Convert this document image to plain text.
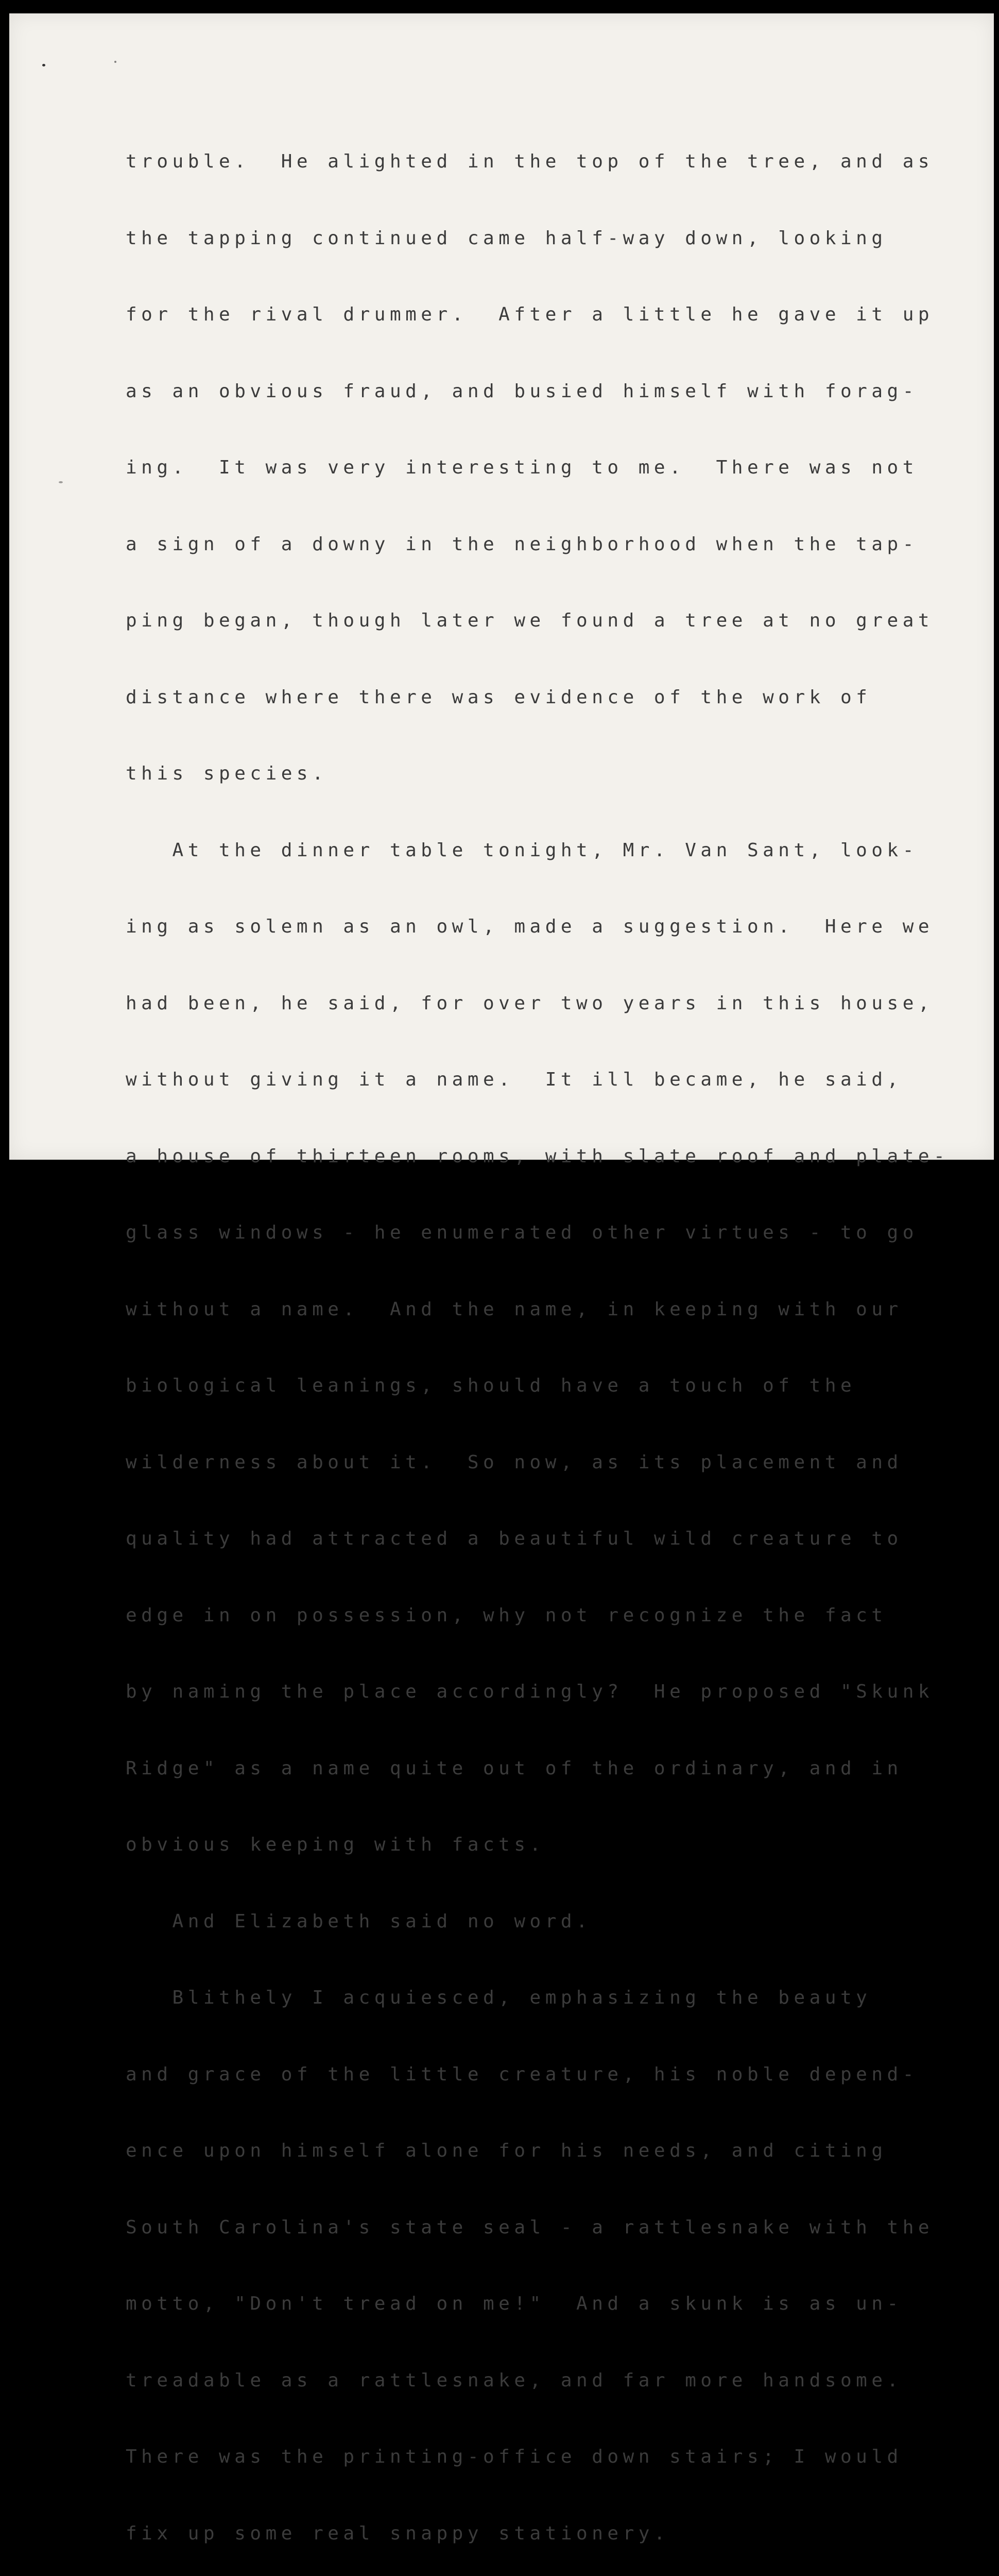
trouble.  He alighted in the top of the tree, and as

the tapping continued came half-way down, looking

for the rival drummer.  After a little he gave it up

as an obvious fraud, and busied himself with forag-

ing.  It was very interesting to me.  There was not

a sign of a downy in the neighborhood when the tap-

ping began, though later we found a tree at no great

distance where there was evidence of the work of

this species.

At the dinner table tonight, Mr. Van Sant, look-

ing as solemn as an owl, made a suggestion.  Here we

had been, he said, for over two years in this house,

without giving it a name.  It ill became, he said,

a house of thirteen rooms, with slate roof and plate-

glass windows - he enumerated other virtues - to go

without a name.  And the name, in keeping with our

biological leanings, should have a touch of the

wilderness about it.  So now, as its placement and

quality had attracted a beautiful wild creature to

edge in on possession, why not recognize the fact

by naming the place accordingly?  He proposed "Skunk

Ridge" as a name quite out of the ordinary, and in

obvious keeping with facts.

And Elizabeth said no word.

Blithely I acquiesced, emphasizing the beauty

and grace of the little creature, his noble depend-

ence upon himself alone for his needs, and citing

South Carolina's state seal - a rattlesnake with the

motto, "Don't tread on me!"  And a skunk is as un-

treadable as a rattlesnake, and far more handsome.

There was the printing-office down stairs; I would

fix up some real snappy stationery.
